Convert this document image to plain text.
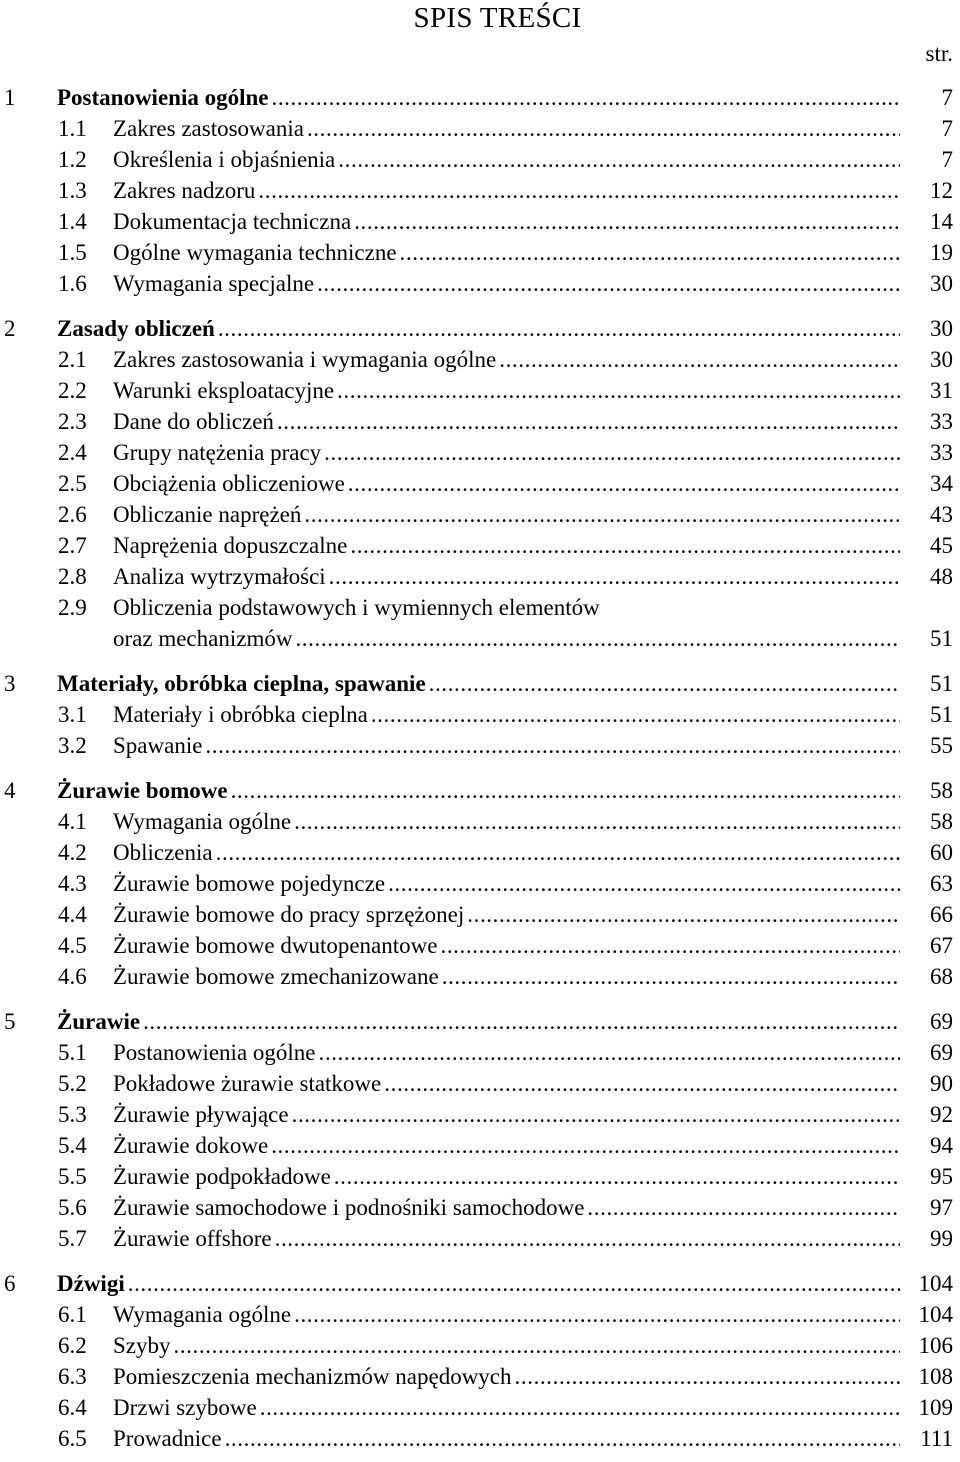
SPIS TREŚCI
str.
1 Postanowienia ogólne .....	7
1.1 Zakres zastosowania .....	7
1.2 Określenia i objaśnienia .....	7
1.3 Zakres nadzoru .....	12
1.4 Dokumentacja techniczna .....	14
1.5 Ogólne wymagania techniczne .....	19
1.6 Wymagania specjalne .....	30
2 Zasady obliczeń .....	30
2.1 Zakres zastosowania i wymagania ogólne .....	30
2.2 Warunki eksploatacyjne .....	31
2.3 Dane do obliczeń .....	33
2.4 Grupy natężenia pracy .....	33
2.5 Obciążenia obliczeniowe .....	34
2.6 Obliczanie naprężeń .....	43
2.7 Naprężenia dopuszczalne .....	45
2.8 Analiza wytrzymałości .....	48
2.9 Obliczenia podstawowych i wymiennych elementów
oraz mechanizmów .....	51
3 Materiały, obróbka cieplna, spawanie .....	51
3.1 Materiały i obróbka cieplna .....	51
3.2 Spawanie .....	55
4 Żurawie bomowe .....	58
4.1 Wymagania ogólne .....	58
4.2 Obliczenia .....	60
4.3 Żurawie bomowe pojedyncze .....	63
4.4 Żurawie bomowe do pracy sprzężonej .....	66
4.5 Żurawie bomowe dwutopenantowe .....	67
4.6 Żurawie bomowe zmechanizowane .....	68
5 Żurawie .....	69
5.1 Postanowienia ogólne .....	69
5.2 Pokładowe żurawie statkowe .....	90
5.3 Żurawie pływające .....	92
5.4 Żurawie dokowe .....	94
5.5 Żurawie podpokładowe .....	95
5.6 Żurawie samochodowe i podnośniki samochodowe .....	97
5.7 Żurawie offshore .....	99
6 Dźwigi .....	104
6.1 Wymagania ogólne .....	104
6.2 Szyby .....	106
6.3 Pomieszczenia mechanizmów napędowych .....	108
6.4 Drzwi szybowe .....	109
6.5 Prowadnice .....	111
